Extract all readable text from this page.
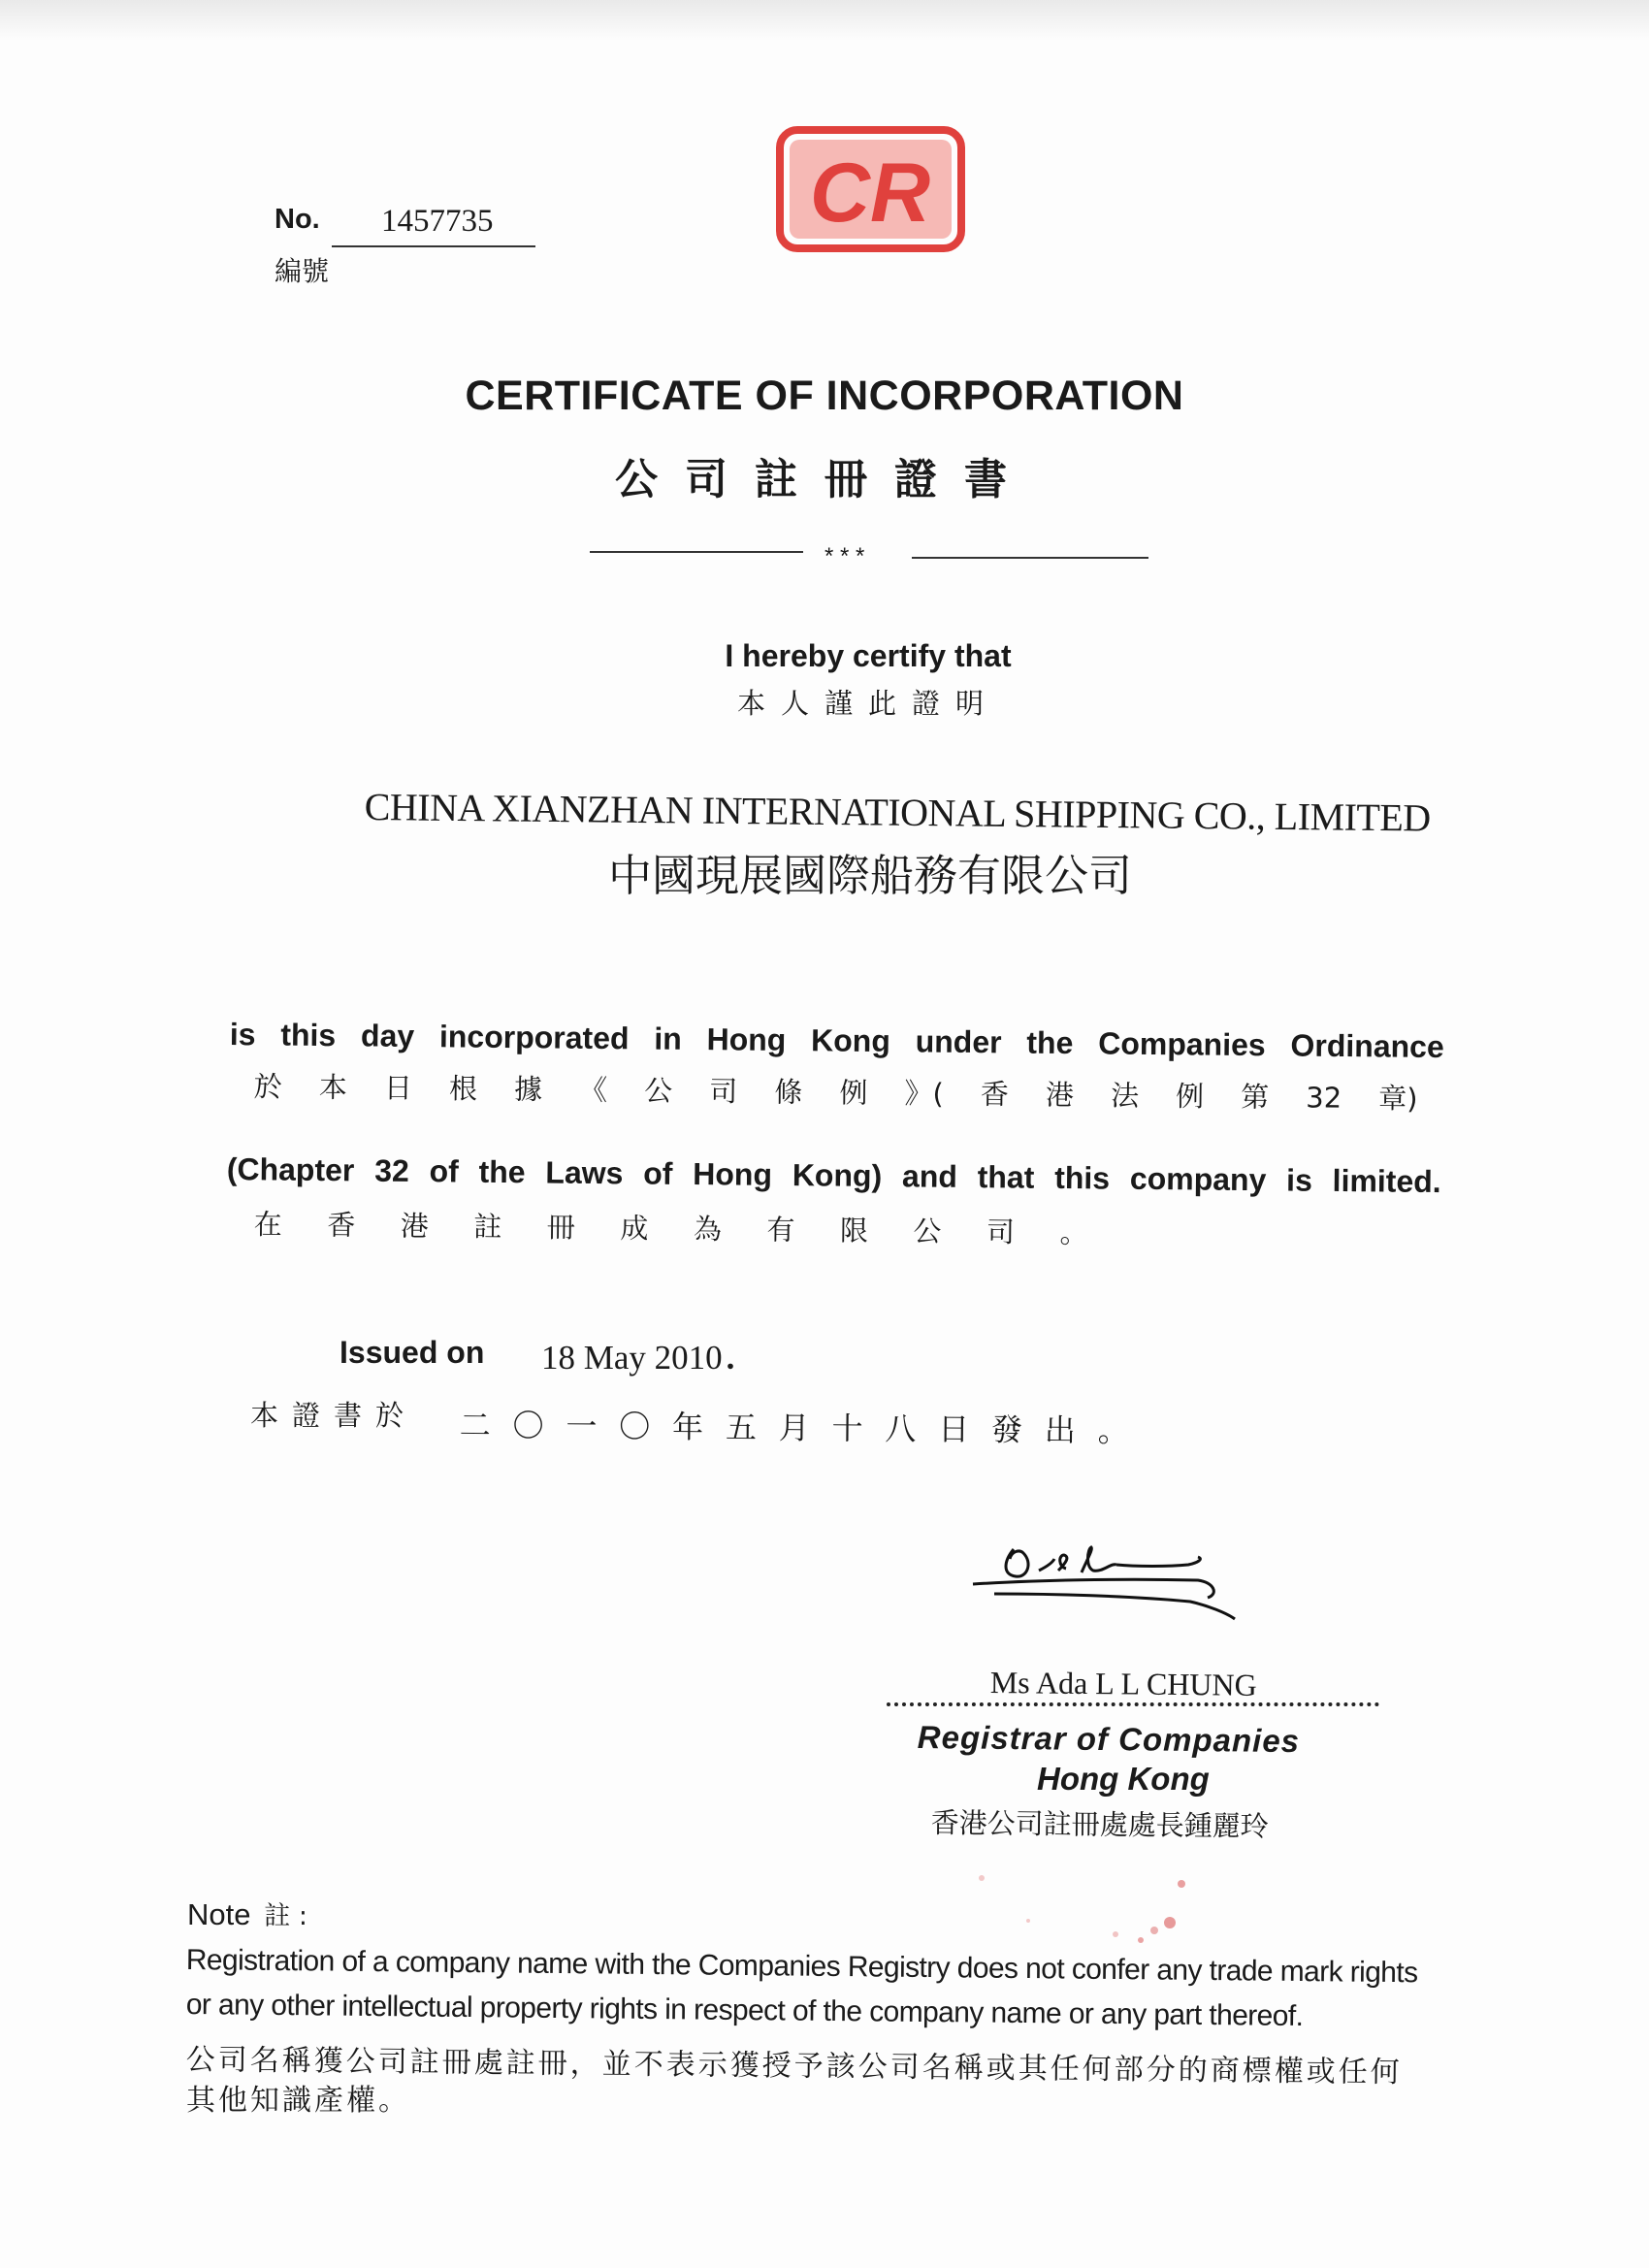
No. 1457735
編號
CR
CERTIFICATE OF INCORPORATION
公司註冊證書
* * *
I hereby certify that
本人謹此證明
CHINA XIANZHAN INTERNATIONAL SHIPPING CO., LIMITED
中國現展國際船務有限公司
is this day incorporated in Hong Kong under the Companies Ordinance
於 本 日 根 據 《 公 司 條 例 》( 香 港 法 例 第 32 章)
(Chapter 32 of the Laws of Hong Kong) and that this company is limited.
在 香 港 註 冊 成 為 有 限 公 司 。
Issued on 18 May 2010 .
本證書於 二 〇 一 〇 年 五 月 十 八 日 發 出 。
Ms Ada L L CHUNG
Registrar of Companies
Hong Kong
香港公司註冊處處長鍾麗玲
Note 註 :
Registration of a company name with the Companies Registry does not confer any trade mark rights
or any other intellectual property rights in respect of the company name or any part thereof.
公司名稱獲公司註冊處註冊，並不表示獲授予該公司名稱或其任何部分的商標權或任何
其他知識產權。
